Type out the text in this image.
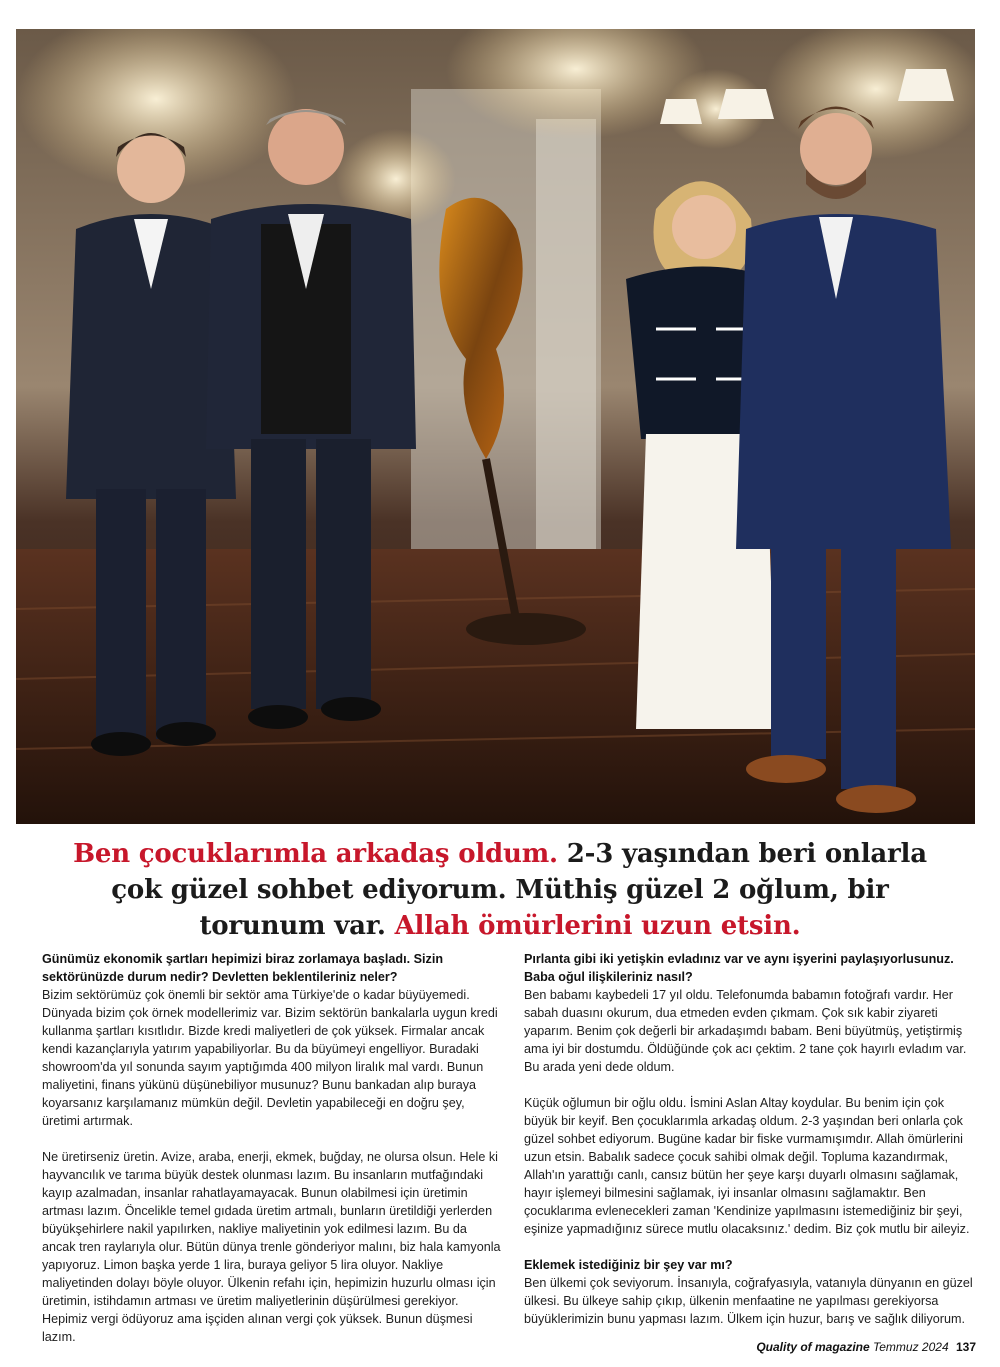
Ben çocuklarımla arkadaş oldum. 2-3 yaşından beri onlarla çok güzel sohbet ediyorum. Müthiş güzel 2 oğlum, bir torunum var. Allah ömürlerini uzun etsin.

Günümüz ekonomik şartları hepimizi biraz zorlamaya başladı. Sizin sektörünüzde durum nedir? Devletten beklentileriniz neler?

Bizim sektörümüz çok önemli bir sektör ama Türkiye'de o kadar büyüyemedi. Dünyada bizim çok örnek modellerimiz var. Bizim sektörün bankalarla uygun kredi kullanma şartları kısıtlıdır. Bizde kredi maliyetleri de çok yüksek. Firmalar ancak kendi kazançlarıyla yatırım yapabiliyorlar. Bu da büyümeyi engelliyor. Buradaki showroom'da yıl sonunda sayım yaptığımda 400 milyon liralık mal vardı. Bunun maliyetini, finans yükünü düşünebiliyor musunuz? Bunu bankadan alıp buraya koyarsanız karşılamanız mümkün değil. Devletin yapabileceği en doğru şey, üretimi artırmak.

Ne üretirseniz üretin. Avize, araba, enerji, ekmek, buğday, ne olursa olsun. Hele ki hayvancılık ve tarıma büyük destek olunması lazım. Bu insanların mutfağındaki kayıp azalmadan, insanlar rahatlayamayacak. Bunun olabilmesi için üretimin artması lazım. Öncelikle temel gıdada üretim artmalı, bunların üretildiği yerlerden büyükşehirlere nakil yapılırken, nakliye maliyetinin yok edilmesi lazım. Bu da ancak tren raylarıyla olur. Bütün dünya trenle gönderiyor malını, biz hala kamyonla yapıyoruz. Limon başka yerde 1 lira, buraya geliyor 5 lira oluyor. Nakliye maliyetinden dolayı böyle oluyor. Ülkenin refahı için, hepimizin huzurlu olması için üretimin, istihdamın artması ve üretim maliyetlerinin düşürülmesi gerekiyor. Hepimiz vergi ödüyoruz ama işçiden alınan vergi çok yüksek. Bunun düşmesi lazım.

Pırlanta gibi iki yetişkin evladınız var ve aynı işyerini paylaşıyorlusunuz. Baba oğul ilişkileriniz nasıl?

Ben babamı kaybedeli 17 yıl oldu. Telefonumda babamın fotoğrafı vardır. Her sabah duasını okurum, dua etmeden evden çıkmam. Çok sık kabir ziyareti yaparım. Benim çok değerli bir arkadaşımdı babam. Beni büyütmüş, yetiştirmiş ama iyi bir dostumdu. Öldüğünde çok acı çektim. 2 tane çok hayırlı evladım var. Bu arada yeni dede oldum.

Küçük oğlumun bir oğlu oldu. İsmini Aslan Altay koydular. Bu benim için çok büyük bir keyif. Ben çocuklarımla arkadaş oldum. 2-3 yaşından beri onlarla çok güzel sohbet ediyorum. Bugüne kadar bir fiske vurmamışımdır. Allah ömürlerini uzun etsin. Babalık sadece çocuk sahibi olmak değil. Topluma kazandırmak, Allah'ın yarattığı canlı, cansız bütün her şeye karşı duyarlı olmasını sağlamak, hayır işlemeyi bilmesini sağlamak, iyi insanlar olmasını sağlamaktır. Ben çocuklarıma evlenecekleri zaman 'Kendinize yapılmasını istemediğiniz bir şeyi, eşinize yapmadığınız sürece mutlu olacaksınız.' dedim. Biz çok mutlu bir aileyiz.

Eklemek istediğiniz bir şey var mı?

Ben ülkemi çok seviyorum. İnsanıyla, coğrafyasıyla, vatanıyla dünyanın en güzel ülkesi. Bu ülkeye sahip çıkıp, ülkenin menfaatine ne yapılması gerekiyorsa büyüklerimizin bunu yapması lazım. Ülkem için huzur, barış ve sağlık diliyorum.

Quality of magazine Temmuz 2024 137
